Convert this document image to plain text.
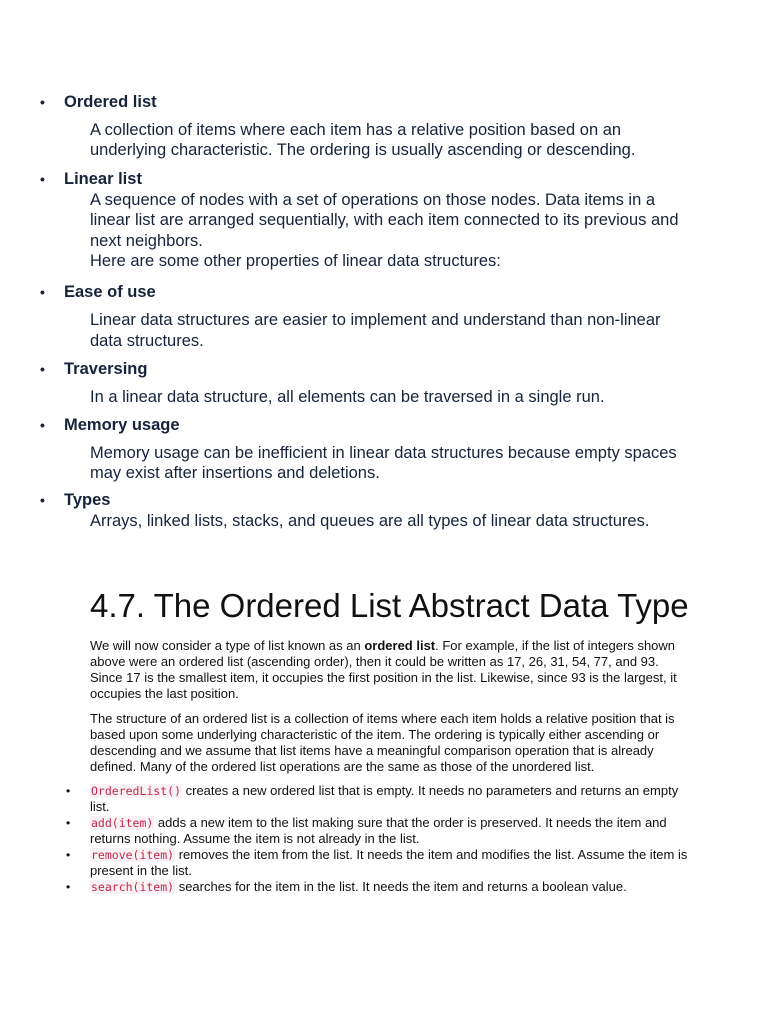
• Ordered list
A collection of items where each item has a relative position based on an underlying characteristic. The ordering is usually ascending or descending.
• Linear list
A sequence of nodes with a set of operations on those nodes. Data items in a linear list are arranged sequentially, with each item connected to its previous and next neighbors.
Here are some other properties of linear data structures:
• Ease of use
Linear data structures are easier to implement and understand than non-linear data structures.
• Traversing
In a linear data structure, all elements can be traversed in a single run.
• Memory usage
Memory usage can be inefficient in linear data structures because empty spaces may exist after insertions and deletions.
• Types
Arrays, linked lists, stacks, and queues are all types of linear data structures.
4.7. The Ordered List Abstract Data Type

We will now consider a type of list known as an ordered list. For example, if the list of integers shown above were an ordered list (ascending order), then it could be written as 17, 26, 31, 54, 77, and 93. Since 17 is the smallest item, it occupies the first position in the list. Likewise, since 93 is the largest, it occupies the last position.

The structure of an ordered list is a collection of items where each item holds a relative position that is based upon some underlying characteristic of the item. The ordering is typically either ascending or descending and we assume that list items have a meaningful comparison operation that is already defined. Many of the ordered list operations are the same as those of the unordered list.

• OrderedList() creates a new ordered list that is empty. It needs no parameters and returns an empty list.
• add(item) adds a new item to the list making sure that the order is preserved. It needs the item and returns nothing. Assume the item is not already in the list.
• remove(item) removes the item from the list. It needs the item and modifies the list. Assume the item is present in the list.
• search(item) searches for the item in the list. It needs the item and returns a boolean value.
